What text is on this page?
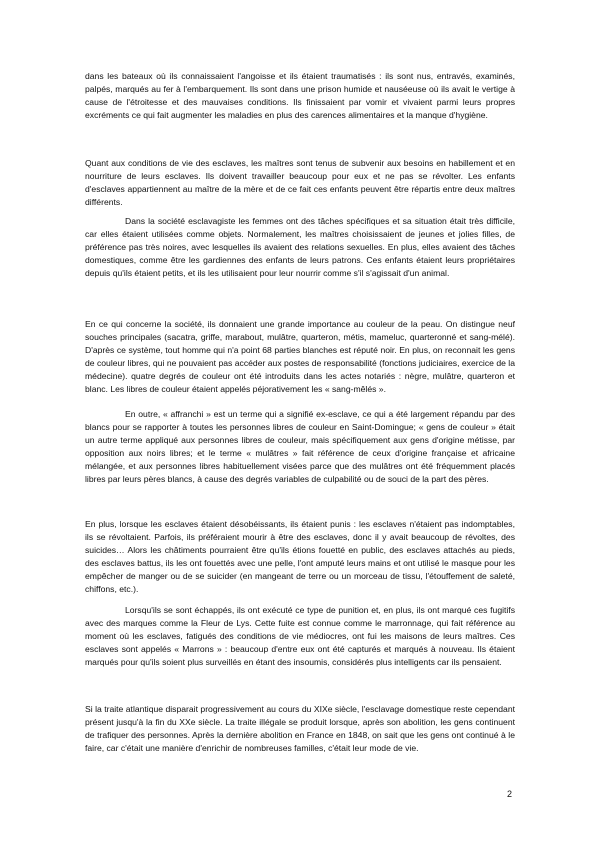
dans les bateaux où ils connaissaient l'angoisse et ils étaient traumatisés : ils sont nus, entravés, examinés, palpés, marqués au fer à l'embarquement. Ils sont dans une prison humide et nauséeuse où ils avait le vertige à cause de l'étroitesse et des mauvaises conditions. Ils finissaient par vomir et vivaient parmi leurs propres excréments ce qui fait augmenter les maladies en plus des carences alimentaires et la manque d'hygiène.

Quant aux conditions de vie des esclaves, les maîtres sont tenus de subvenir aux besoins en habillement et en nourriture de leurs esclaves. Ils doivent travailler beaucoup pour eux et ne pas se révolter. Les enfants d'esclaves appartiennent au maître de la mère et de ce fait ces enfants peuvent être répartis entre deux maîtres différents.

Dans la société esclavagiste les femmes ont des tâches spécifiques et sa situation était très difficile, car elles étaient utilisées comme objets. Normalement, les maîtres choisissaient de jeunes et jolies filles, de préférence pas très noires, avec lesquelles ils avaient des relations sexuelles. En plus, elles avaient des tâches domestiques, comme être les gardiennes des enfants de leurs patrons. Ces enfants étaient leurs propriétaires depuis qu'ils étaient petits, et ils les utilisaient pour leur nourrir comme s'il s'agissait d'un animal.

En ce qui concerne la société, ils donnaient une grande importance au couleur de la peau. On distingue neuf souches principales (sacatra, griffe, marabout, mulâtre, quarteron, métis, mameluc, quarteronné et sang-mélé). D'après ce système, tout homme qui n'a point 68 parties blanches est réputé noir. En plus, on reconnait les gens de couleur libres, qui ne pouvaient pas accéder aux postes de responsabilité (fonctions judiciaires, exercice de la médecine). quatre degrés de couleur ont été introduits dans les actes notariés : nègre, mulâtre, quarteron et blanc. Les libres de couleur étaient appelés péjorativement les « sang-mêlés ».

En outre, « affranchi » est un terme qui a signifié ex-esclave, ce qui a été largement répandu par des blancs pour se rapporter à toutes les personnes libres de couleur en Saint-Domingue; « gens de couleur » était un autre terme appliqué aux personnes libres de couleur, mais spécifiquement aux gens d'origine métisse, par opposition aux noirs libres; et le terme « mulâtres » fait référence de ceux d'origine française et africaine mélangée, et aux personnes libres habituellement visées parce que des mulâtres ont été fréquemment placés libres par leurs pères blancs, à cause des degrés variables de culpabilité ou de souci de la part des pères.

En plus, lorsque les esclaves étaient désobéissants, ils étaient punis : les esclaves n'étaient pas indomptables, ils se révoltaient. Parfois, ils préféraient mourir à être des esclaves, donc il y avait beaucoup de révoltes, des suicides… Alors les châtiments pourraient être qu'ils étions fouetté en public, des esclaves attachés au pieds, des esclaves battus, ils les ont fouettés avec une pelle, l'ont amputé leurs mains et ont utilisé le masque pour les empêcher de manger ou de se suicider (en mangeant de terre ou un morceau de tissu, l'étouffement de saleté, chiffons, etc.).

Lorsqu'ils se sont échappés, ils ont exécuté ce type de punition et, en plus, ils ont marqué ces fugitifs avec des marques comme la Fleur de Lys. Cette fuite est connue comme le marronnage, qui fait référence au moment où les esclaves, fatigués des conditions de vie médiocres, ont fui les maisons de leurs maîtres. Ces esclaves sont appelés « Marrons » : beaucoup d'entre eux ont été capturés et marqués à nouveau. Ils étaient marqués pour qu'ils soient plus surveillés en étant des insoumis, considérés plus intelligents car ils pensaient.

Si la traite atlantique disparait progressivement au cours du XIXe siècle, l'esclavage domestique reste cependant présent jusqu'à la fin du XXe siècle. La traite illégale se produit lorsque, après son abolition, les gens continuent de trafiquer des personnes. Après la dernière abolition en France en 1848, on sait que les gens ont continué à le faire, car c'était une manière d'enrichir de nombreuses familles, c'était leur mode de vie.

2
